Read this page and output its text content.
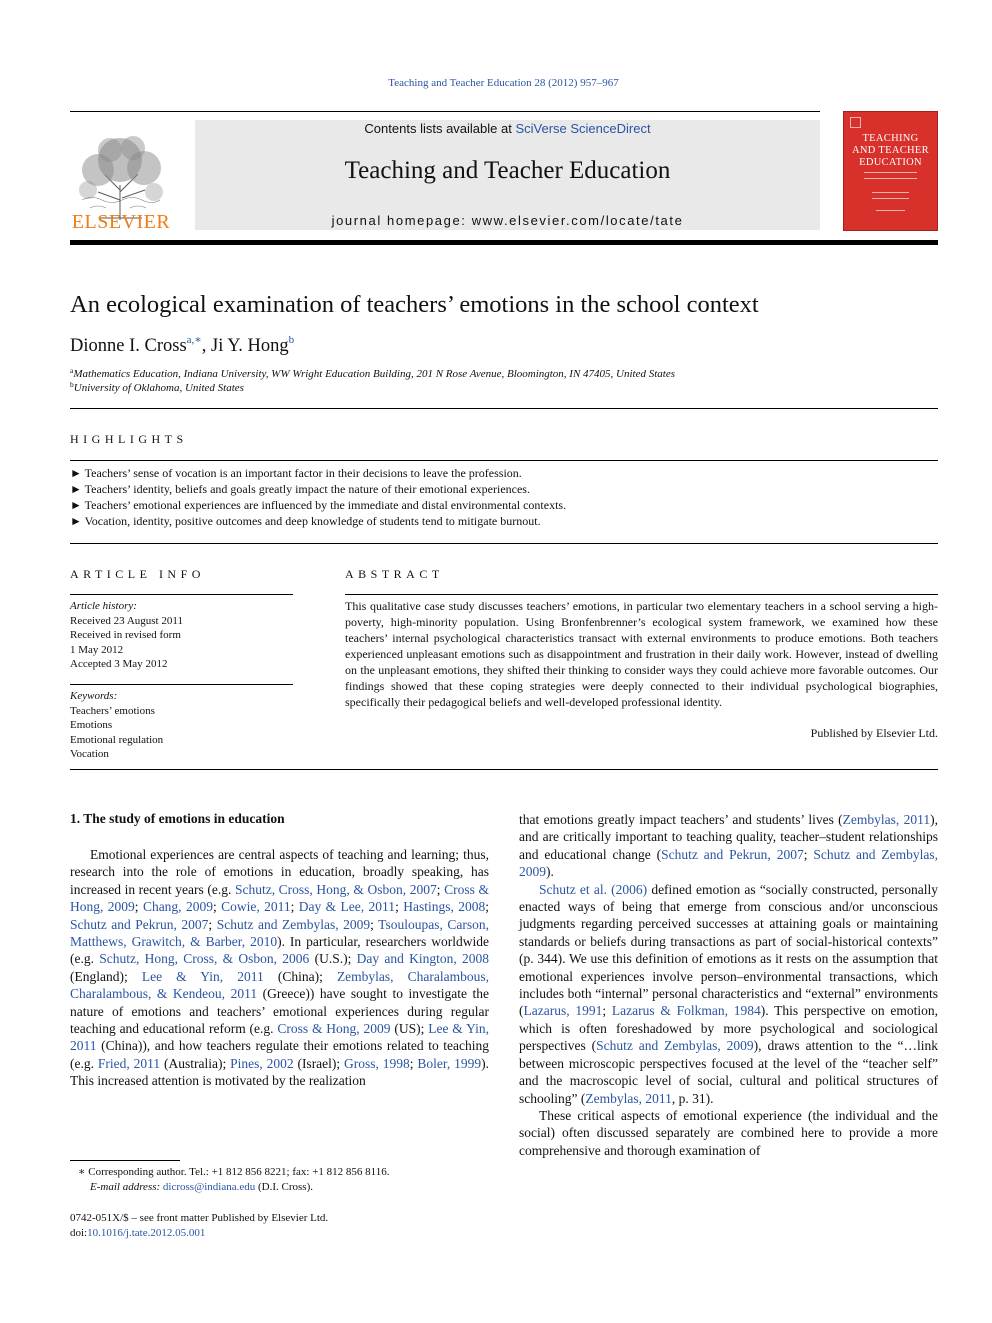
Teaching and Teacher Education 28 (2012) 957–967
ELSEVIER
Contents lists available at SciVerse ScienceDirect
Teaching and Teacher Education
journal homepage: www.elsevier.com/locate/tate
TEACHING
AND TEACHER
EDUCATION
An ecological examination of teachers’ emotions in the school context
Dionne I. Cross$^{a,∗}$, Ji Y. Hong$^b$
$^a$Mathematics Education, Indiana University, WW Wright Education Building, 201 N Rose Avenue, Bloomington, IN 47405, United States
$^b$University of Oklahoma, United States
HIGHLIGHTS
► Teachers’ sense of vocation is an important factor in their decisions to leave the profession.
► Teachers’ identity, beliefs and goals greatly impact the nature of their emotional experiences.
► Teachers’ emotional experiences are influenced by the immediate and distal environmental contexts.
► Vocation, identity, positive outcomes and deep knowledge of students tend to mitigate burnout.
ARTICLE INFO
Article history:
Received 23 August 2011
Received in revised form
1 May 2012
Accepted 3 May 2012
Keywords:
Teachers’ emotions
Emotions
Emotional regulation
Vocation
ABSTRACT
This qualitative case study discusses teachers’ emotions, in particular two elementary teachers in a school serving a high-poverty, high-minority population. Using Bronfenbrenner’s ecological system framework, we examined how these teachers’ internal psychological characteristics transact with external environments to produce emotions. Both teachers experienced unpleasant emotions such as disappointment and frustration in their daily work. However, instead of dwelling on the unpleasant emotions, they shifted their thinking to consider ways they could achieve more favorable outcomes. Our findings showed that these coping strategies were deeply connected to their individual psychological biographies, specifically their pedagogical beliefs and well-developed professional identity.
Published by Elsevier Ltd.
1. The study of emotions in education

Emotional experiences are central aspects of teaching and learning; thus, research into the role of emotions in education, broadly speaking, has increased in recent years (e.g. Schutz, Cross, Hong, & Osbon, 2007; Cross & Hong, 2009; Chang, 2009; Cowie, 2011; Day & Lee, 2011; Hastings, 2008; Schutz and Pekrun, 2007; Schutz and Zembylas, 2009; Tsouloupas, Carson, Matthews, Grawitch, & Barber, 2010). In particular, researchers worldwide (e.g. Schutz, Hong, Cross, & Osbon, 2006 (U.S.); Day and Kington, 2008 (England); Lee & Yin, 2011 (China); Zembylas, Charalambous, Charalambous, & Kendeou, 2011 (Greece)) have sought to investigate the nature of emotions and teachers’ emotional experiences during regular teaching and educational reform (e.g. Cross & Hong, 2009 (US); Lee & Yin, 2011 (China)), and how teachers regulate their emotions related to teaching (e.g. Fried, 2011 (Australia); Pines, 2002 (Israel); Gross, 1998; Boler, 1999). This increased attention is motivated by the realization

that emotions greatly impact teachers’ and students’ lives (Zembylas, 2011), and are critically important to teaching quality, teacher–student relationships and educational change (Schutz and Pekrun, 2007; Schutz and Zembylas, 2009).

Schutz et al. (2006) defined emotion as “socially constructed, personally enacted ways of being that emerge from conscious and/or unconscious judgments regarding perceived successes at attaining goals or maintaining standards or beliefs during transactions as part of social-historical contexts” (p. 344). We use this definition of emotions as it rests on the assumption that emotional experiences involve person–environmental transactions, which includes both “internal” personal characteristics and “external” environments (Lazarus, 1991; Lazarus & Folkman, 1984). This perspective on emotion, which is often foreshadowed by more psychological and sociological perspectives (Schutz and Zembylas, 2009), draws attention to the “…link between microscopic perspectives focused at the level of the “teacher self” and the macroscopic level of social, cultural and political structures of schooling” (Zembylas, 2011, p. 31).

These critical aspects of emotional experience (the individual and the social) often discussed separately are combined here to provide a more comprehensive and thorough examination of

∗ Corresponding author. Tel.: +1 812 856 8221; fax: +1 812 856 8116.
E-mail address: dicross@indiana.edu (D.I. Cross).
0742-051X/$ – see front matter Published by Elsevier Ltd.
doi:10.1016/j.tate.2012.05.001
